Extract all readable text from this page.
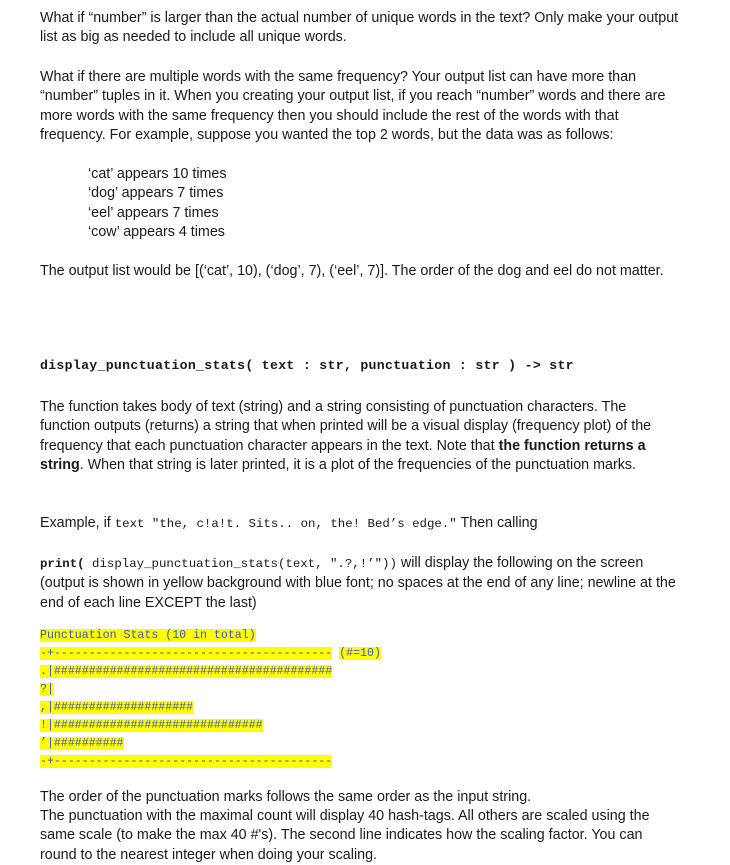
What if “number” is larger than the actual number of unique words in the text? Only make your output list as big as needed to include all unique words.

What if there are multiple words with the same frequency? Your output list can have more than “number” tuples in it. When you creating your output list, if you reach “number” words and there are more words with the same frequency then you should include the rest of the words with that frequency. For example, suppose you wanted the top 2 words, but the data was as follows:

‘cat’ appears 10 times
‘dog’ appears 7 times
‘eel’ appears 7 times
‘cow’ appears 4 times

The output list would be [(‘cat’, 10), (‘dog’, 7), (‘eel’, 7)]. The order of the dog and eel do not matter.

display_punctuation_stats( text : str, punctuation : str ) -> str

The function takes body of text (string) and a string consisting of punctuation characters. The function outputs (returns) a string that when printed will be a visual display (frequency plot) of the frequency that each punctuation character appears in the text. Note that the function returns a string. When that string is later printed, it is a plot of the frequencies of the punctuation marks.

Example, if text "the, c!a!t. Sits.. on, the! Bed’s edge." Then calling

print( display_punctuation_stats(text, ".?,!’")) will display the following on the screen (output is shown in yellow background with blue font; no spaces at the end of any line; newline at the end of each line EXCEPT the last)

Punctuation Stats (10 in total)
-+---------------------------------------- (#=10)
.|########################################
?|
,|####################
!|##############################
’|##########
-+----------------------------------------

The order of the punctuation marks follows the same order as the input string.

The punctuation with the maximal count will display 40 hash-tags. All others are scaled using the same scale (to make the max 40 #'s). The second line indicates how the scaling factor. You can round to the nearest integer when doing your scaling.
